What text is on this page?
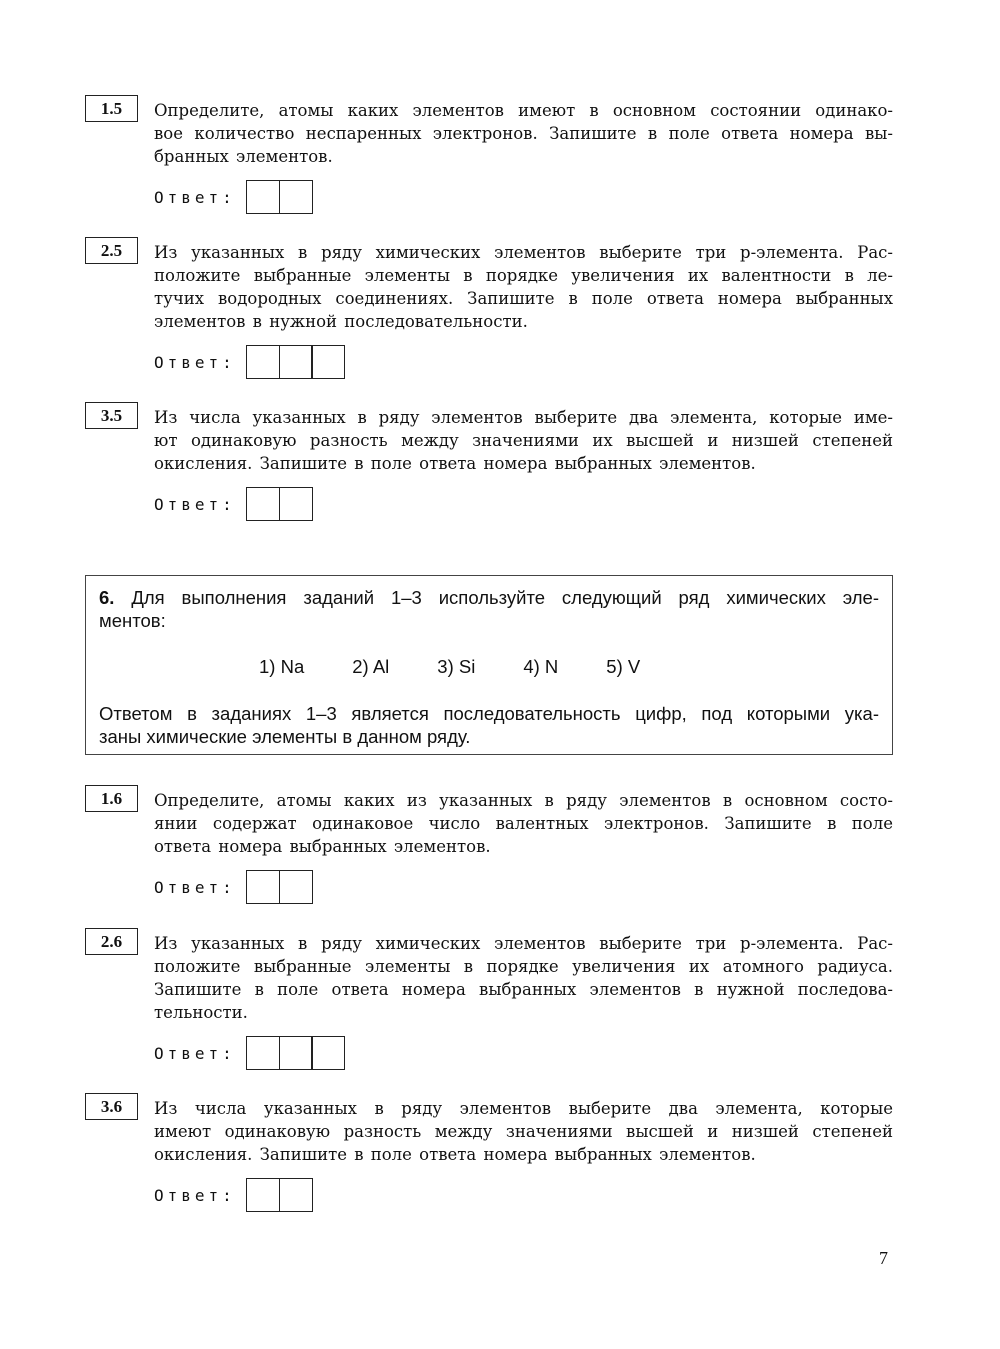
6. Для выполнения заданий 1–3 используйте следующий ряд химических эле-
ментов:
1) Na	2) Al	3) Si	4) N	5) V
Ответом в заданиях 1–3 является последовательность цифр, под которыми ука-
заны химические элементы в данном ряду.
7
1.5	Определите, атомы каких элементов имеют в основном состоянии одинако-
вое количество неспаренных электронов. Запишите в поле ответа номера вы-
бранных элементов.
Ответ:
2.5	Из указанных в ряду химических элементов выберите три p-элемента. Рас-
положите выбранные элементы в порядке увеличения их валентности в ле-
тучих водородных соединениях. Запишите в поле ответа номера выбранных
элементов в нужной последовательности.
Ответ:
3.5	Из числа указанных в ряду элементов выберите два элемента, которые име-
ют одинаковую разность между значениями их высшей и низшей степеней
окисления. Запишите в поле ответа номера выбранных элементов.
Ответ:
1.6	Определите, атомы каких из указанных в ряду элементов в основном состо-
янии содержат одинаковое число валентных электронов. Запишите в поле
ответа номера выбранных элементов.
Ответ:
2.6	Из указанных в ряду химических элементов выберите три p-элемента. Рас-
положите выбранные элементы в порядке увеличения их атомного радиуса.
Запишите в поле ответа номера выбранных элементов в нужной последова-
тельности.
Ответ:
3.6	Из числа указанных в ряду элементов выберите два элемента, которые
имеют одинаковую разность между значениями высшей и низшей степеней
окисления. Запишите в поле ответа номера выбранных элементов.
Ответ:
